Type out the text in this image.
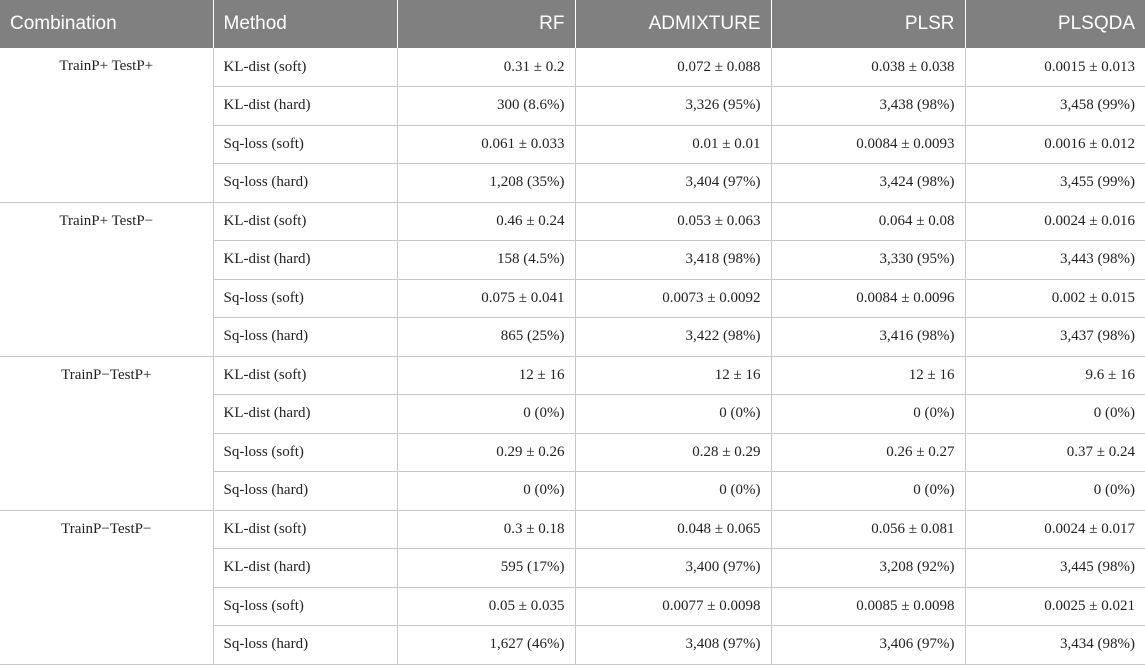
Combination	Method	RF	ADMIXTURE	PLSR	PLSQDA
TrainP+ TestP+	KL-dist (soft)	0.31 ± 0.2	0.072 ± 0.088	0.038 ± 0.038	0.0015 ± 0.013
	KL-dist (hard)	300 (8.6%)	3,326 (95%)	3,438 (98%)	3,458 (99%)
	Sq-loss (soft)	0.061 ± 0.033	0.01 ± 0.01	0.0084 ± 0.0093	0.0016 ± 0.012
	Sq-loss (hard)	1,208 (35%)	3,404 (97%)	3,424 (98%)	3,455 (99%)
TrainP+ TestP−	KL-dist (soft)	0.46 ± 0.24	0.053 ± 0.063	0.064 ± 0.08	0.0024 ± 0.016
	KL-dist (hard)	158 (4.5%)	3,418 (98%)	3,330 (95%)	3,443 (98%)
	Sq-loss (soft)	0.075 ± 0.041	0.0073 ± 0.0092	0.0084 ± 0.0096	0.002 ± 0.015
	Sq-loss (hard)	865 (25%)	3,422 (98%)	3,416 (98%)	3,437 (98%)
TrainP−TestP+	KL-dist (soft)	12 ± 16	12 ± 16	12 ± 16	9.6 ± 16
	KL-dist (hard)	0 (0%)	0 (0%)	0 (0%)	0 (0%)
	Sq-loss (soft)	0.29 ± 0.26	0.28 ± 0.29	0.26 ± 0.27	0.37 ± 0.24
	Sq-loss (hard)	0 (0%)	0 (0%)	0 (0%)	0 (0%)
TrainP−TestP−	KL-dist (soft)	0.3 ± 0.18	0.048 ± 0.065	0.056 ± 0.081	0.0024 ± 0.017
	KL-dist (hard)	595 (17%)	3,400 (97%)	3,208 (92%)	3,445 (98%)
	Sq-loss (soft)	0.05 ± 0.035	0.0077 ± 0.0098	0.0085 ± 0.0098	0.0025 ± 0.021
	Sq-loss (hard)	1,627 (46%)	3,408 (97%)	3,406 (97%)	3,434 (98%)
